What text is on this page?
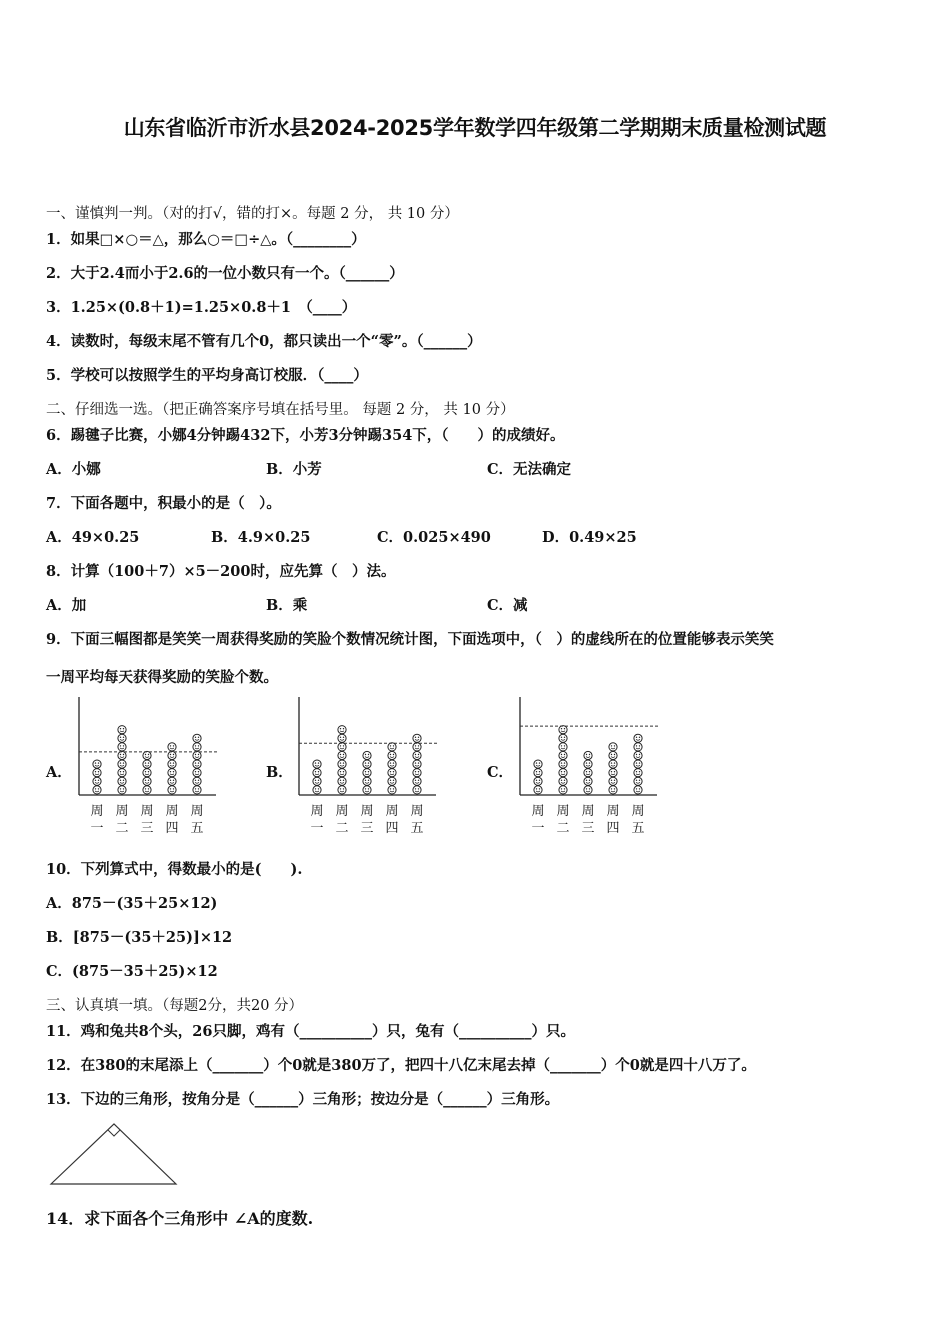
山东省临沂市沂水县2024-2025学年数学四年级第二学期期末质量检测试题
一、谨慎判一判。（对的打√，错的打×。每题 2 分， 共 10 分）
1．如果□×○＝△，那么○＝□÷△。（________）
2．大于2.4而小于2.6的一位小数只有一个。（______）
3．1.25×(0.8＋1)=1.25×0.8＋1　（____）
4．读数时，每级末尾不管有几个0，都只读出一个“零”。（______）
5．学校可以按照学生的平均身高订校服．（____）
二、仔细选一选。（把正确答案序号填在括号里。 每题 2 分， 共 10 分）
6．踢毽子比赛，小娜4分钟踢432下，小芳3分钟踢354下，（　　）的成绩好。
A．小娜	B．小芳	C．无法确定
7．下面各题中，积最小的是（　）。
A．49×0.25	B．4.9×0.25	C．0.025×490	D．0.49×25
8．计算（100＋7）×5－200时，应先算（　）法。
A．加	B．乘	C．减
9．下面三幅图都是笑笑一周获得奖励的笑脸个数情况统计图，下面选项中，（　）的虚线所在的位置能够表示笑笑
一周平均每天获得奖励的笑脸个数。
A．	B．	C．
周
一
周
二
周
三
周
四
周
五
周
一
周
二
周
三
周
四
周
五
周
一
周
二
周
三
周
四
周
五
10．下列算式中，得数最小的是(　　).
A．875－(35＋25×12)
B．[875－(35＋25)]×12
C．(875－35＋25)×12
三、认真填一填。（每题2分，共20 分）
11．鸡和兔共8个头，26只脚，鸡有（__________）只，兔有（__________）只。
12．在380的末尾添上（_______）个0就是380万了，把四十八亿末尾去掉（_______）个0就是四十八万了。
13．下边的三角形，按角分是（______）三角形；按边分是（______）三角形。
14．求下面各个三角形中 ∠A的度数.
